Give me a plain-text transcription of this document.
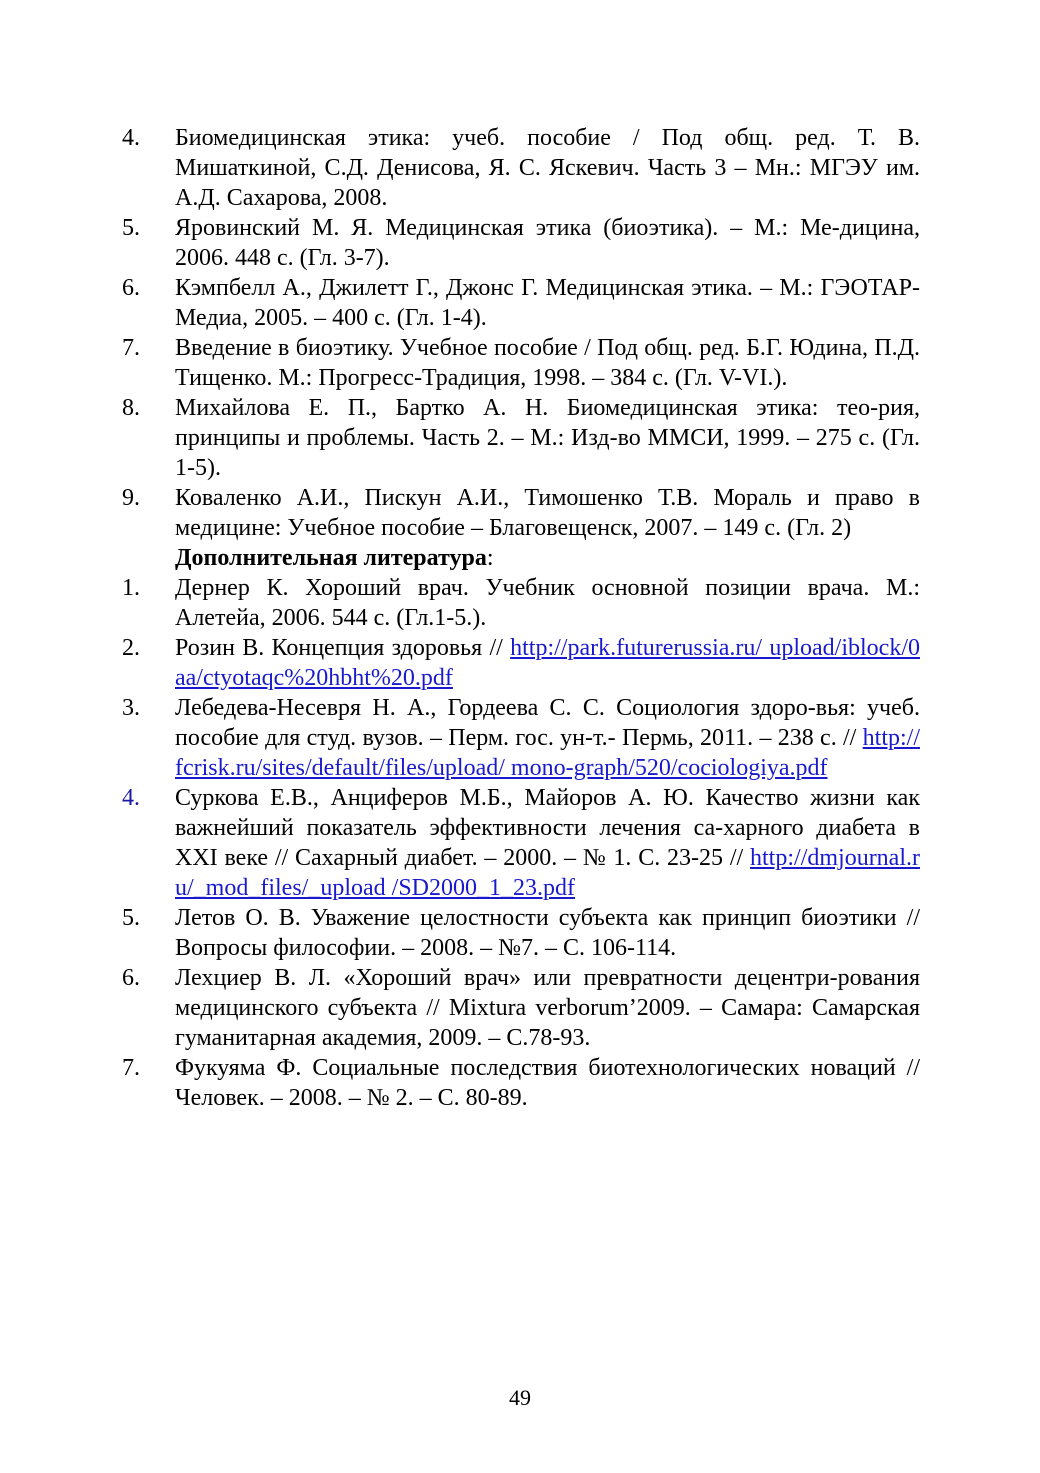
4.	Биомедицинская этика: учеб. пособие / Под общ. ред. Т. В. Мишаткиной, С.Д. Денисова, Я. С. Яскевич. Часть 3 – Мн.: МГЭУ им. А.Д. Сахарова, 2008.
5.	Яровинский М. Я. Медицинская этика (биоэтика). – М.: Ме-дицина, 2006. 448 с. (Гл. 3-7).
6.	Кэмпбелл А., Джилетт Г., Джонс Г. Медицинская этика. – М.: ГЭОТАР-Медиа, 2005. – 400 с. (Гл. 1-4).
7.	Введение в биоэтику. Учебное пособие / Под общ. ред. Б.Г. Юдина, П.Д. Тищенко. М.: Прогресс-Традиция, 1998. – 384 с. (Гл. V-VI.).
8.	Михайлова Е. П., Бартко А. Н. Биомедицинская этика: тео-рия, принципы и проблемы. Часть 2. – М.: Изд-во ММСИ, 1999. – 275 с. (Гл. 1-5).
9.	Коваленко А.И., Пискун А.И., Тимошенко Т.В. Мораль и право в медицине: Учебное пособие – Благовещенск, 2007. – 149 с. (Гл. 2)
Дополнительная литература:
1.	Дернер К. Хороший врач. Учебник основной позиции врача. М.: Алетейа, 2006. 544 с. (Гл.1-5.).
2.	Розин В. Концепция здоровья // http://park.futurerussia.ru/ upload/iblock/0aa/ctyotaqc%20hbht%20.pdf
3.	Лебедева-Несевря Н. А., Гордеева С. С. Социология здоро-вья: учеб. пособие для студ. вузов. – Перм. гос. ун-т.- Пермь, 2011. – 238 с. // http://fcrisk.ru/sites/default/files/upload/ mono-graph/520/cociologiya.pdf
4.	Суркова Е.В., Анциферов М.Б., Майоров А. Ю. Качество жизни как важнейший показатель эффективности лечения са-харного диабета в XXI веке // Сахарный диабет. – 2000. – № 1. С. 23-25 // http://dmjournal.ru/_mod_files/_upload /SD2000_1_23.pdf
5.	Летов О. В. Уважение целостности субъекта как принцип биоэтики // Вопросы философии. – 2008. – №7. – С. 106-114.
6.	Лехциер В. Л. «Хороший врач» или превратности децентри-рования медицинского субъекта // Mixtura verborum’2009. – Самара: Самарская гуманитарная академия, 2009. – С.78-93.
7.	Фукуяма Ф. Социальные последствия биотехнологических новаций // Человек. – 2008. – № 2. – С. 80-89.
49
